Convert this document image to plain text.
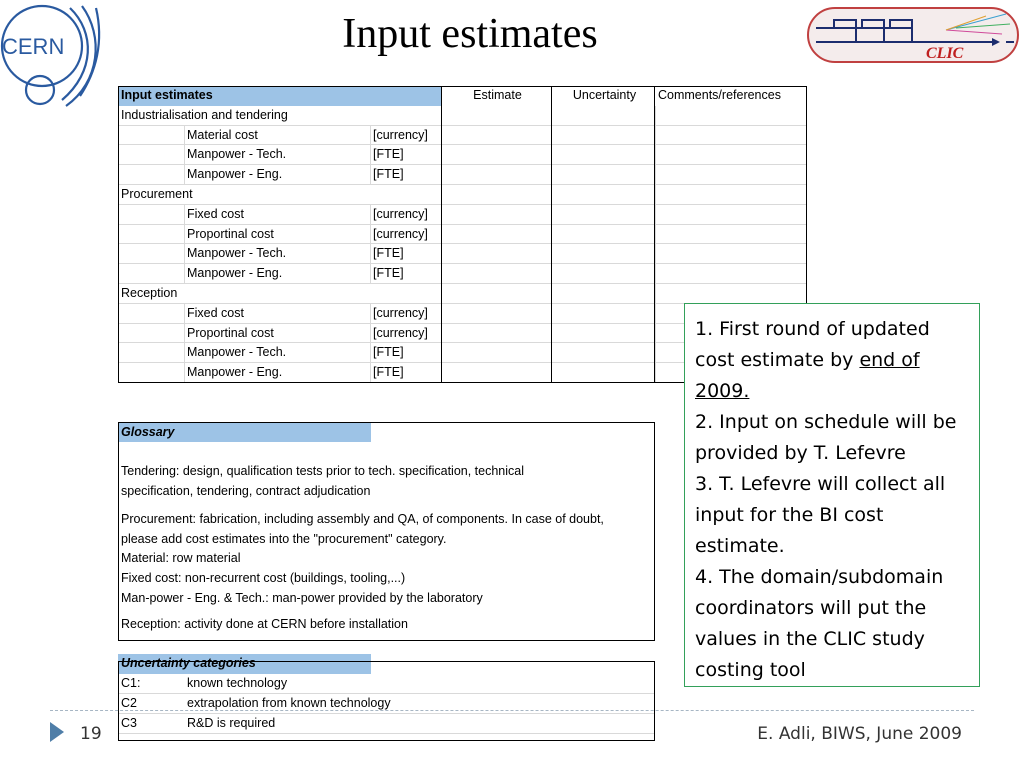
CERN	CLIC
Input estimates
Input estimates	Estimate	Uncertainty	Comments/references
Industrialisation and tendering
Material cost	[currency]
Manpower - Tech.	[FTE]
Manpower - Eng.	[FTE]
Procurement
Fixed cost	[currency]
Proportinal cost	[currency]
Manpower - Tech.	[FTE]
Manpower - Eng.	[FTE]
Reception
Fixed cost	[currency]
Proportinal cost	[currency]
Manpower - Tech.	[FTE]
Manpower - Eng.	[FTE]
Glossary
Tendering: design, qualification tests prior to tech. specification, technical
specification, tendering, contract adjudication
Procurement: fabrication, including assembly and QA, of components. In case of doubt,
please add cost estimates into the "procurement" category.
Material: row material
Fixed cost: non-recurrent cost (buildings, tooling,...)
Man-power - Eng. & Tech.: man-power provided by the laboratory
Reception: activity done at CERN before installation
Uncertainty categories
C1:	known technology
C2	extrapolation from known technology
C3	R&D is required

1. First round of updated cost estimate by end of 2009.

2. Input on schedule will be provided by T. Lefevre

3. T. Lefevre will collect all input for the BI cost estimate.

4. The domain/subdomain coordinators will put the values in the CLIC study costing tool

19	E. Adli, BIWS, June 2009
